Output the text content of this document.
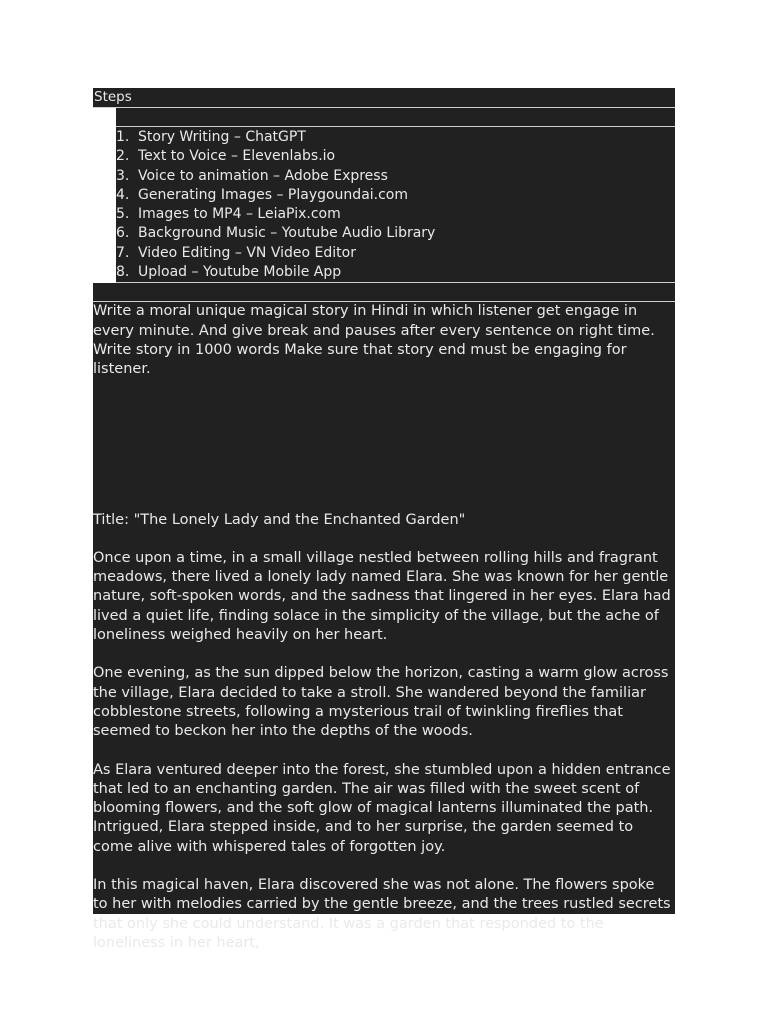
Steps
1. Story Writing – ChatGPT
2. Text to Voice – Elevenlabs.io
3. Voice to animation – Adobe Express
4. Generating Images – Playgoundai.com
5. Images to MP4 – LeiaPix.com
6. Background Music – Youtube Audio Library
7. Video Editing – VN Video Editor
8. Upload – Youtube Mobile App

Write a moral unique magical story in Hindi in which listener get engage in every minute. And give break and pauses after every sentence on right time. Write story in 1000 words Make sure that story end must be engaging for listener.

Title: "The Lonely Lady and the Enchanted Garden"

Once upon a time, in a small village nestled between rolling hills and fragrant meadows, there lived a lonely lady named Elara. She was known for her gentle nature, soft-spoken words, and the sadness that lingered in her eyes. Elara had lived a quiet life, finding solace in the simplicity of the village, but the ache of loneliness weighed heavily on her heart.

One evening, as the sun dipped below the horizon, casting a warm glow across the village, Elara decided to take a stroll. She wandered beyond the familiar cobblestone streets, following a mysterious trail of twinkling fireflies that seemed to beckon her into the depths of the woods.

As Elara ventured deeper into the forest, she stumbled upon a hidden entrance that led to an enchanting garden. The air was filled with the sweet scent of blooming flowers, and the soft glow of magical lanterns illuminated the path. Intrigued, Elara stepped inside, and to her surprise, the garden seemed to come alive with whispered tales of forgotten joy.

In this magical haven, Elara discovered she was not alone. The flowers spoke to her with melodies carried by the gentle breeze, and the trees rustled secrets that only she could understand. It was a garden that responded to the loneliness in her heart,
